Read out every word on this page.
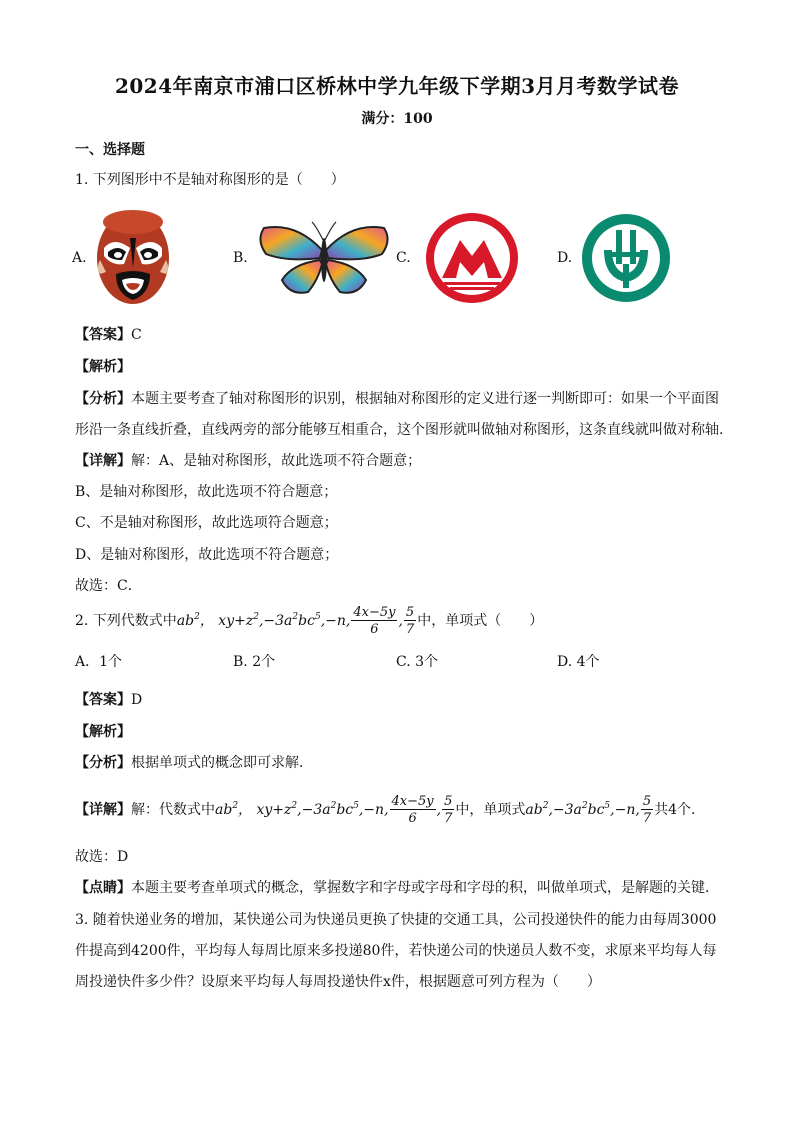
2024年南京市浦口区桥林中学九年级下学期3月月考数学试卷
满分：100
一、选择题
1. 下列图形中不是轴对称图形的是（　　）
A.	B.	C.	D.
【答案】C
【解析】
【分析】本题主要考查了轴对称图形的识别，根据轴对称图形的定义进行逐一判断即可：如果一个平面图
形沿一条直线折叠，直线两旁的部分能够互相重合，这个图形就叫做轴对称图形，这条直线就叫做对称轴.
【详解】解：A、是轴对称图形，故此选项不符合题意；
B、是轴对称图形，故此选项不符合题意；
C、不是轴对称图形，故此选项符合题意；
D、是轴对称图形，故此选项不符合题意；
故选：C．
2. 下列代数式中$ab^2$， $xy+z^2,-3a^2bc^5,-n$, $\frac{4x-5y}{6}$ , $\frac{5}{7}$ 中，单项式（　　）
A．1个	B. 2个	C. 3个	D. 4个
【答案】D
【解析】
【分析】根据单项式的概念即可求解．
【详解】解：代数式中$ab^2$， $xy+z^2,-3a^2bc^5,-n$, $\frac{4x-5y}{6}$ , $\frac{5}{7}$ 中，单项式$ab^2,-3a^2bc^5,-n$, $\frac{5}{7}$ 共4个．
故选：D
【点睛】本题主要考查单项式的概念，掌握数字和字母或字母和字母的积，叫做单项式，是解题的关键．
3. 随着快递业务的增加，某快递公司为快递员更换了快捷的交通工具，公司投递快件的能力由每周3000
件提高到4200件，平均每人每周比原来多投递80件，若快递公司的快递员人数不变，求原来平均每人每
周投递快件多少件？设原来平均每人每周投递快件x件，根据题意可列方程为（　　）
